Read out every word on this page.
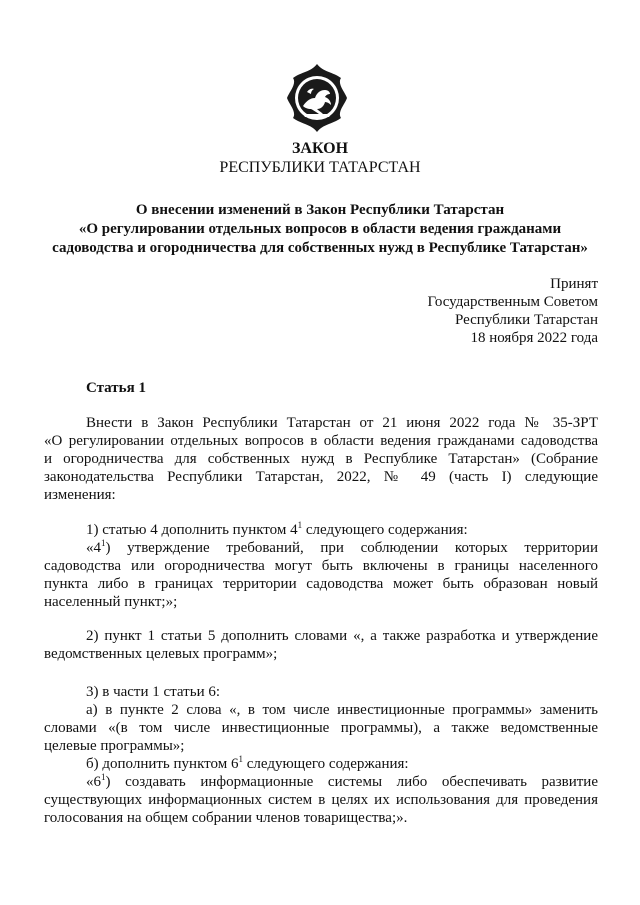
ЗАКОН
РЕСПУБЛИКИ ТАТАРСТАН
О внесении изменений в Закон Республики Татарстан
«О регулировании отдельных вопросов в области ведения гражданами
садоводства и огородничества для собственных нужд в Республике Татарстан»
Принят
Государственным Советом
Республики Татарстан
18 ноября 2022 года
Статья 1
Внести в Закон Республики Татарстан от 21 июня 2022 года № 35-ЗРТ
«О регулировании отдельных вопросов в области ведения гражданами садоводства
и огородничества для собственных нужд в Республике Татарстан» (Собрание
законодательства Республики Татарстан, 2022, № 49 (часть I) следующие
изменения:
1) статью 4 дополнить пунктом $4^1$ следующего содержания:
«$4^1$) утверждение требований, при соблюдении которых территории
садоводства или огородничества могут быть включены в границы населенного
пункта либо в границах территории садоводства может быть образован новый
населенный пункт;»;
2) пункт 1 статьи 5 дополнить словами «, а также разработка и утверждение
ведомственных целевых программ»;
3) в части 1 статьи 6:
а) в пункте 2 слова «, в том числе инвестиционные программы» заменить
словами «(в том числе инвестиционные программы), а также ведомственные
целевые программы»;
б) дополнить пунктом $6^1$ следующего содержания:
«$6^1$) создавать информационные системы либо обеспечивать развитие
существующих информационных систем в целях их использования для проведения
голосования на общем собрании членов товарищества;».
